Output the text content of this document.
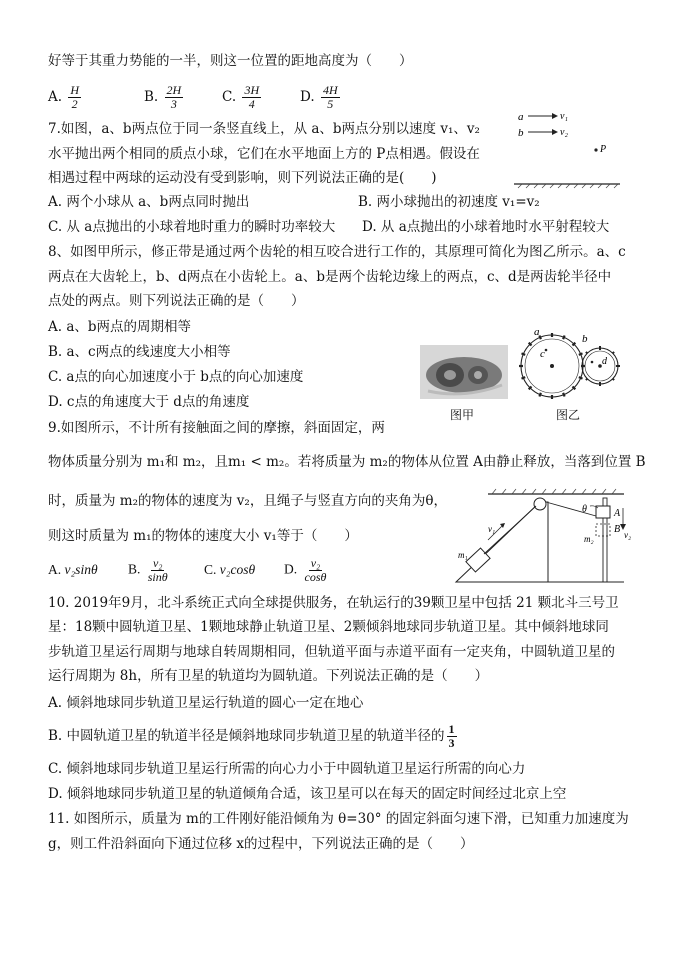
好等于其重力势能的一半，则这一位置的距地高度为（　　）
A. $\frac{H}{2}$	B. $\frac{2H}{3}$	C. $\frac{3H}{4}$	D. $\frac{4H}{5}$
7.如图，a、b两点位于同一条竖直线上，从 a、b两点分别以速度 v₁、v₂
水平抛出两个相同的质点小球，它们在水平地面上方的 P点相遇。假设在
相遇过程中两球的运动没有受到影响，则下列说法正确的是(　　)
A. 两个小球从 a、b两点同时抛出	B. 两小球抛出的初速度 v₁=v₂
C. 从 a点抛出的小球着地时重力的瞬时功率较大 D. 从 a点抛出的小球着地时水平射程较大
a	v₁
b	v₂
P
8、如图甲所示，修正带是通过两个齿轮的相互咬合进行工作的，其原理可简化为图乙所示。a、c
两点在大齿轮上，b、d两点在小齿轮上。a、b是两个齿轮边缘上的两点，c、d是两齿轮半径中
点处的两点。则下列说法正确的是（　　）
A. a、b两点的周期相等
B. a、c两点的线速度大小相等
C. a点的向心加速度小于 b点的向心加速度
D. c点的角速度大于 d点的角速度
图甲
a
c
b
d
图乙
9.如图所示，不计所有接触面之间的摩擦，斜面固定，两
物体质量分别为 m₁和 m₂，且m₁ < m₂。若将质量为 m₂的物体从位置 A由静止释放，当落到位置 B
时，质量为 m₂的物体的速度为 v₂，且绳子与竖直方向的夹角为θ，
则这时质量为 m₁的物体的速度大小 v₁等于（　　）
A. v₂sinθ	B. $\frac{\text{v₂}}{\sin\theta}$	C. v₂cosθ	D. $\frac{\text{v₂}}{\cos\theta}$
θ	A
B v₂
m₂
m₁
v₁
10. 2019年9月，北斗系统正式向全球提供服务，在轨运行的39颗卫星中包括 21 颗北斗三号卫
星：18颗中圆轨道卫星、1颗地球静止轨道卫星、2颗倾斜地球同步轨道卫星。其中倾斜地球同
步轨道卫星运行周期与地球自转周期相同，但轨道平面与赤道平面有一定夹角，中圆轨道卫星的
运行周期为 8h，所有卫星的轨道均为圆轨道。下列说法正确的是（　　）
A. 倾斜地球同步轨道卫星运行轨道的圆心一定在地心
B. 中圆轨道卫星的轨道半径是倾斜地球同步轨道卫星的轨道半径的 $\frac{1}{3}$
C. 倾斜地球同步轨道卫星运行所需的向心力小于中圆轨道卫星运行所需的向心力
D. 倾斜地球同步轨道卫星的轨道倾角合适，该卫星可以在每天的固定时间经过北京上空
11. 如图所示，质量为 m的工件刚好能沿倾角为 θ=30° 的固定斜面匀速下滑，已知重力加速度为
g，则工件沿斜面向下通过位移 x的过程中，下列说法正确的是（　　）
